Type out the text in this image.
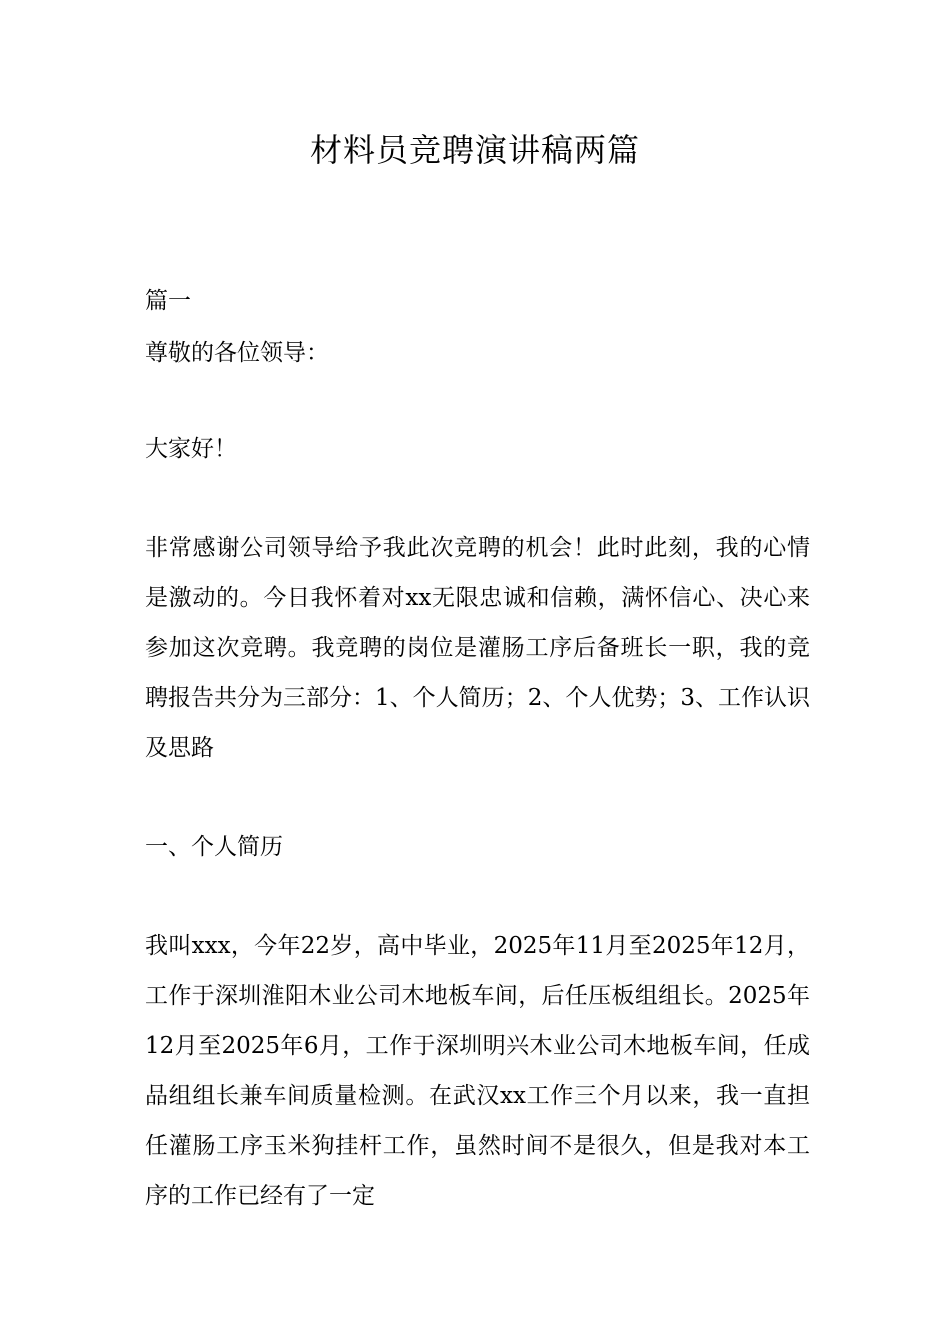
材料员竞聘演讲稿两篇

篇一

尊敬的各位领导：

大家好！

非常感谢公司领导给予我此次竞聘的机会！此时此刻，我的心情是激动的。今日我怀着对xx无限忠诚和信赖，满怀信心、决心来参加这次竞聘。我竞聘的岗位是灌肠工序后备班长一职，我的竞聘报告共分为三部分：1、个人简历；2、个人优势；3、工作认识及思路

一、个人简历

我叫xxx，今年22岁，高中毕业，2025年11月至2025年12月，工作于深圳淮阳木业公司木地板车间，后任压板组组长。2025年12月至2025年6月，工作于深圳明兴木业公司木地板车间，任成品组组长兼车间质量检测。在武汉xx工作三个月以来，我一直担任灌肠工序玉米狗挂杆工作，虽然时间不是很久，但是我对本工序的工作已经有了一定
